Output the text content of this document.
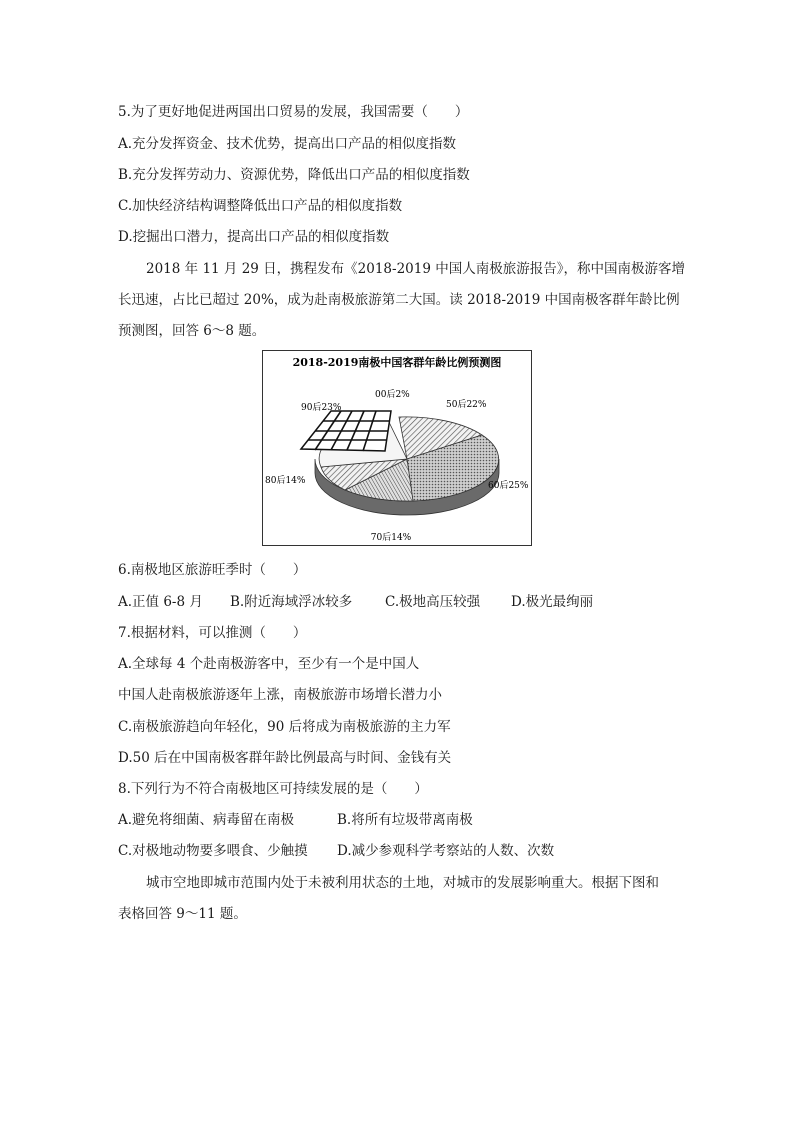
5.为了更好地促进两国出口贸易的发展，我国需要（　　）
A.充分发挥资金、技术优势，提高出口产品的相似度指数
B.充分发挥劳动力、资源优势，降低出口产品的相似度指数
C.加快经济结构调整降低出口产品的相似度指数
D.挖掘出口潜力，提高出口产品的相似度指数
2018 年 11 月 29 日，携程发布《2018-2019 中国人南极旅游报告》，称中国南极游客增
长迅速，占比已超过 20%，成为赴南极旅游第二大国。读 2018-2019 中国南极客群年龄比例
预测图，回答 6～8 题。
2018-2019南极中国客群年龄比例预测图
00后2%
50后22%
60后25%
70后14%
80后14%
90后23%
6.南极地区旅游旺季时（　　）
A.正值 6-8 月 B.附近海域浮冰较多 C.极地高压较强 D.极光最绚丽
7.根据材料，可以推测（　　）
A.全球每 4 个赴南极游客中，至少有一个是中国人
中国人赴南极旅游逐年上涨，南极旅游市场增长潜力小
C.南极旅游趋向年轻化，90 后将成为南极旅游的主力军
D.50 后在中国南极客群年龄比例最高与时间、金钱有关
8.下列行为不符合南极地区可持续发展的是（　　）
A.避免将细菌、病毒留在南极	B.将所有垃圾带离南极
C.对极地动物要多喂食、少触摸 D.减少参观科学考察站的人数、次数
城市空地即城市范围内处于未被利用状态的土地，对城市的发展影响重大。根据下图和
表格回答 9～11 题。
